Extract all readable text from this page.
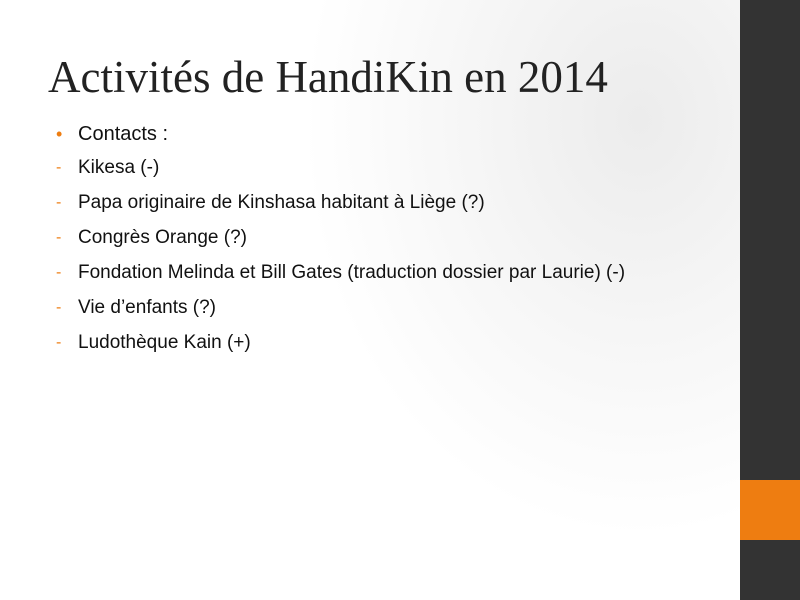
Activités de HandiKin en 2014
• Contacts :
- Kikesa (-)
- Papa originaire de Kinshasa habitant à Liège (?)
- Congrès Orange (?)
- Fondation Melinda et Bill Gates (traduction dossier par Laurie) (-)
- Vie d’enfants (?)
- Ludothèque Kain (+)
